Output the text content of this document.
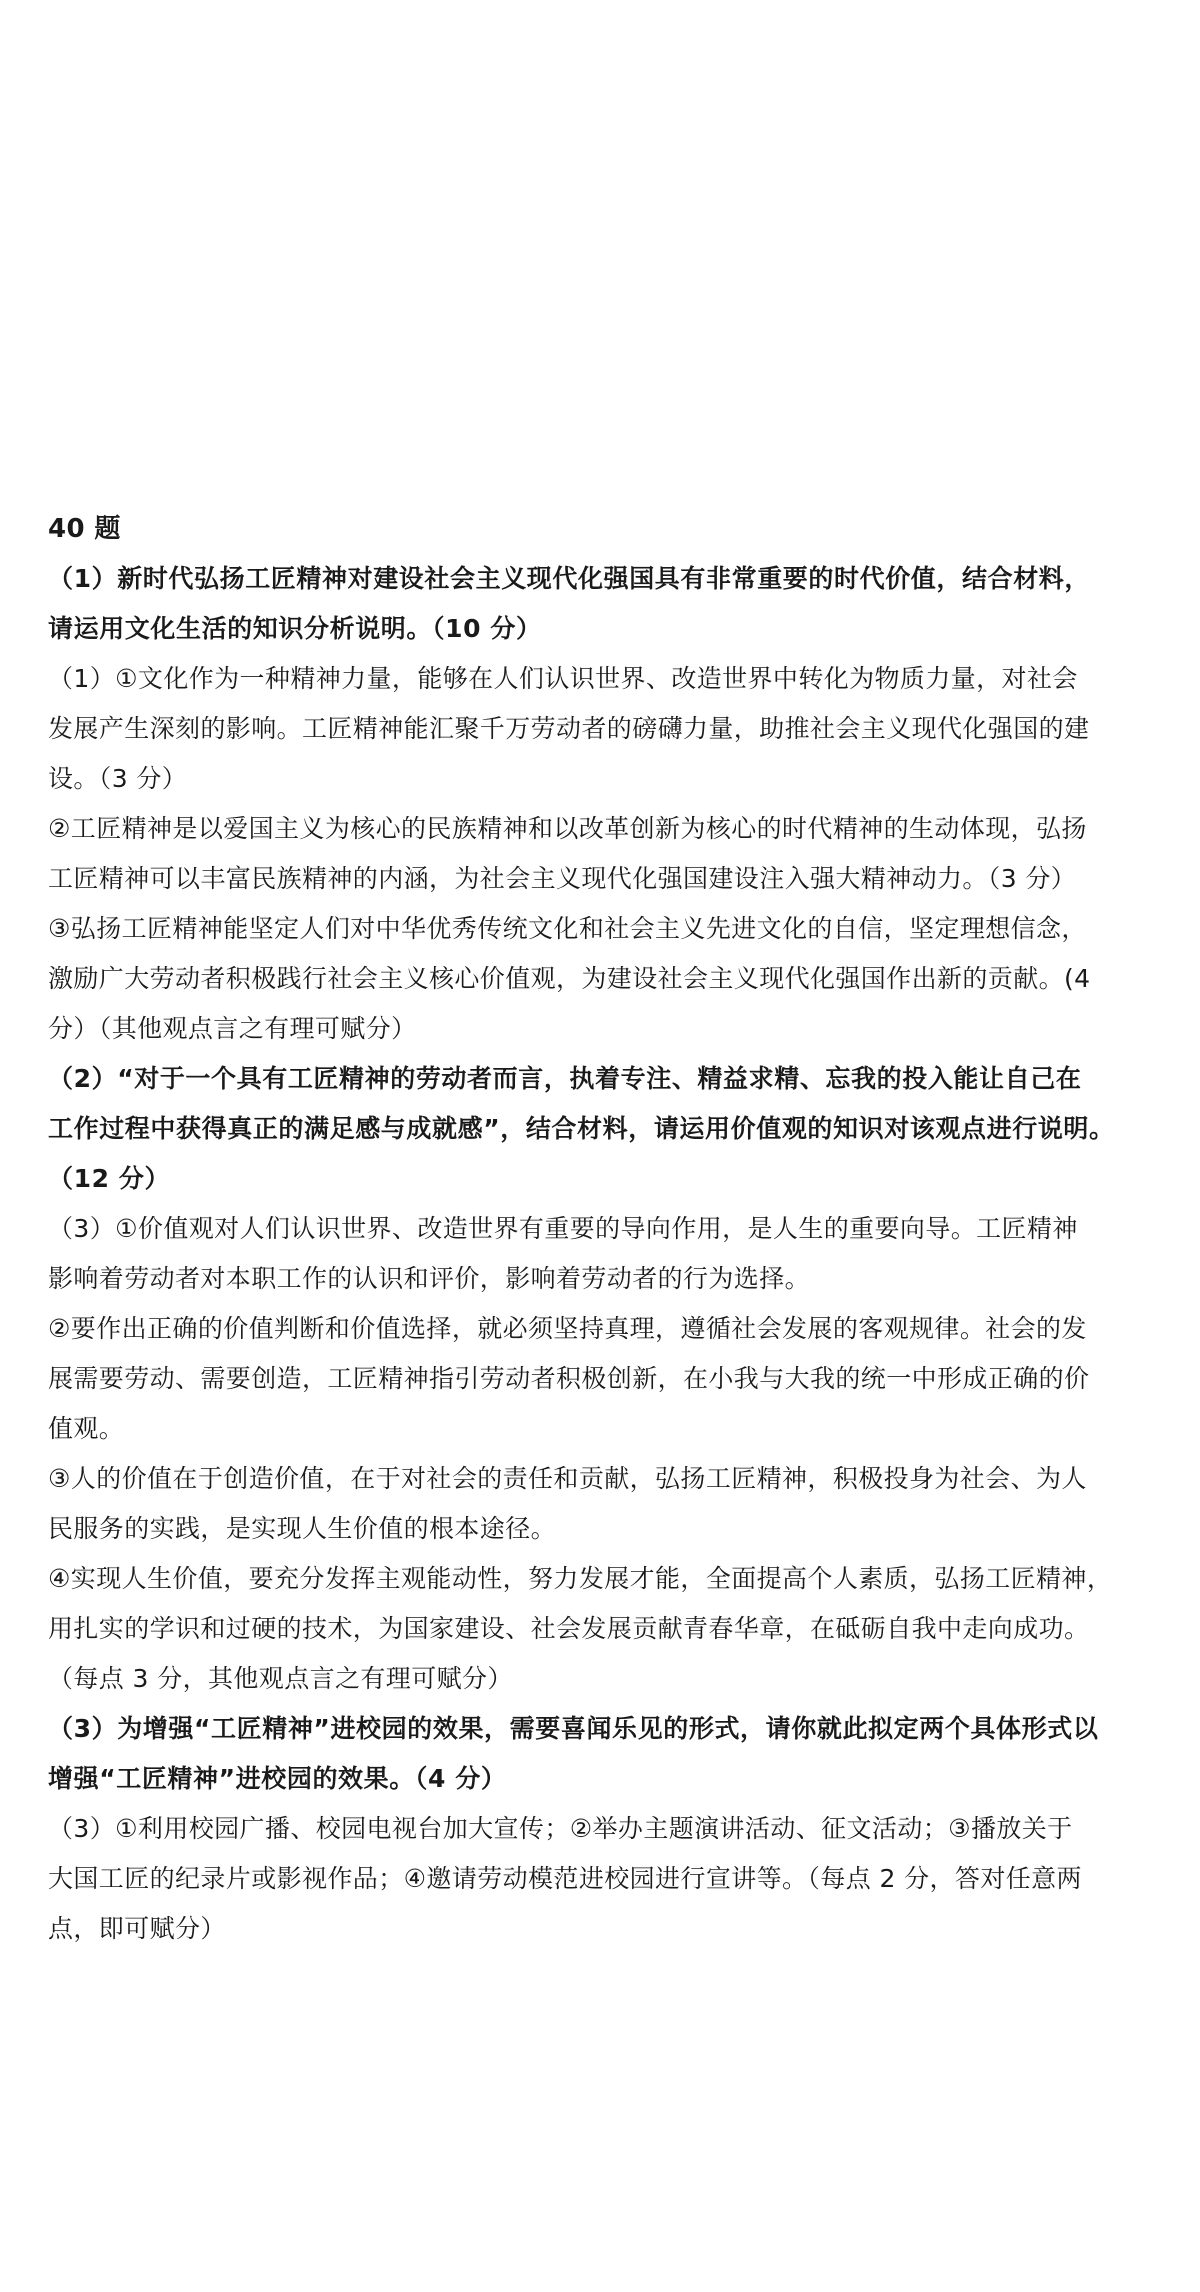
40 题
（1）新时代弘扬工匠精神对建设社会主义现代化强国具有非常重要的时代价值，结合材料，
请运用文化生活的知识分析说明。（10 分）
（1）①文化作为一种精神力量，能够在人们认识世界、改造世界中转化为物质力量，对社会
发展产生深刻的影响。工匠精神能汇聚千万劳动者的磅礴力量，助推社会主义现代化强国的建
设。（3 分）
②工匠精神是以爱国主义为核心的民族精神和以改革创新为核心的时代精神的生动体现，弘扬
工匠精神可以丰富民族精神的内涵，为社会主义现代化强国建设注入强大精神动力。（3 分）
③弘扬工匠精神能坚定人们对中华优秀传统文化和社会主义先进文化的自信，坚定理想信念，
激励广大劳动者积极践行社会主义核心价值观，为建设社会主义现代化强国作出新的贡献。(4
分）（其他观点言之有理可赋分）
（2）“对于一个具有工匠精神的劳动者而言，执着专注、精益求精、忘我的投入能让自己在
工作过程中获得真正的满足感与成就感”，结合材料，请运用价值观的知识对该观点进行说明。
（12 分）
（3）①价值观对人们认识世界、改造世界有重要的导向作用，是人生的重要向导。工匠精神
影响着劳动者对本职工作的认识和评价，影响着劳动者的行为选择。
②要作出正确的价值判断和价值选择，就必须坚持真理，遵循社会发展的客观规律。社会的发
展需要劳动、需要创造，工匠精神指引劳动者积极创新，在小我与大我的统一中形成正确的价
值观。
③人的价值在于创造价值，在于对社会的责任和贡献，弘扬工匠精神，积极投身为社会、为人
民服务的实践，是实现人生价值的根本途径。
④实现人生价值，要充分发挥主观能动性，努力发展才能，全面提高个人素质，弘扬工匠精神，
用扎实的学识和过硬的技术，为国家建设、社会发展贡献青春华章，在砥砺自我中走向成功。
（每点 3 分，其他观点言之有理可赋分）
（3）为增强“工匠精神”进校园的效果，需要喜闻乐见的形式，请你就此拟定两个具体形式以
增强“工匠精神”进校园的效果。（4 分）
（3）①利用校园广播、校园电视台加大宣传；②举办主题演讲活动、征文活动；③播放关于
大国工匠的纪录片或影视作品；④邀请劳动模范进校园进行宣讲等。（每点 2 分，答对任意两
点，即可赋分）
